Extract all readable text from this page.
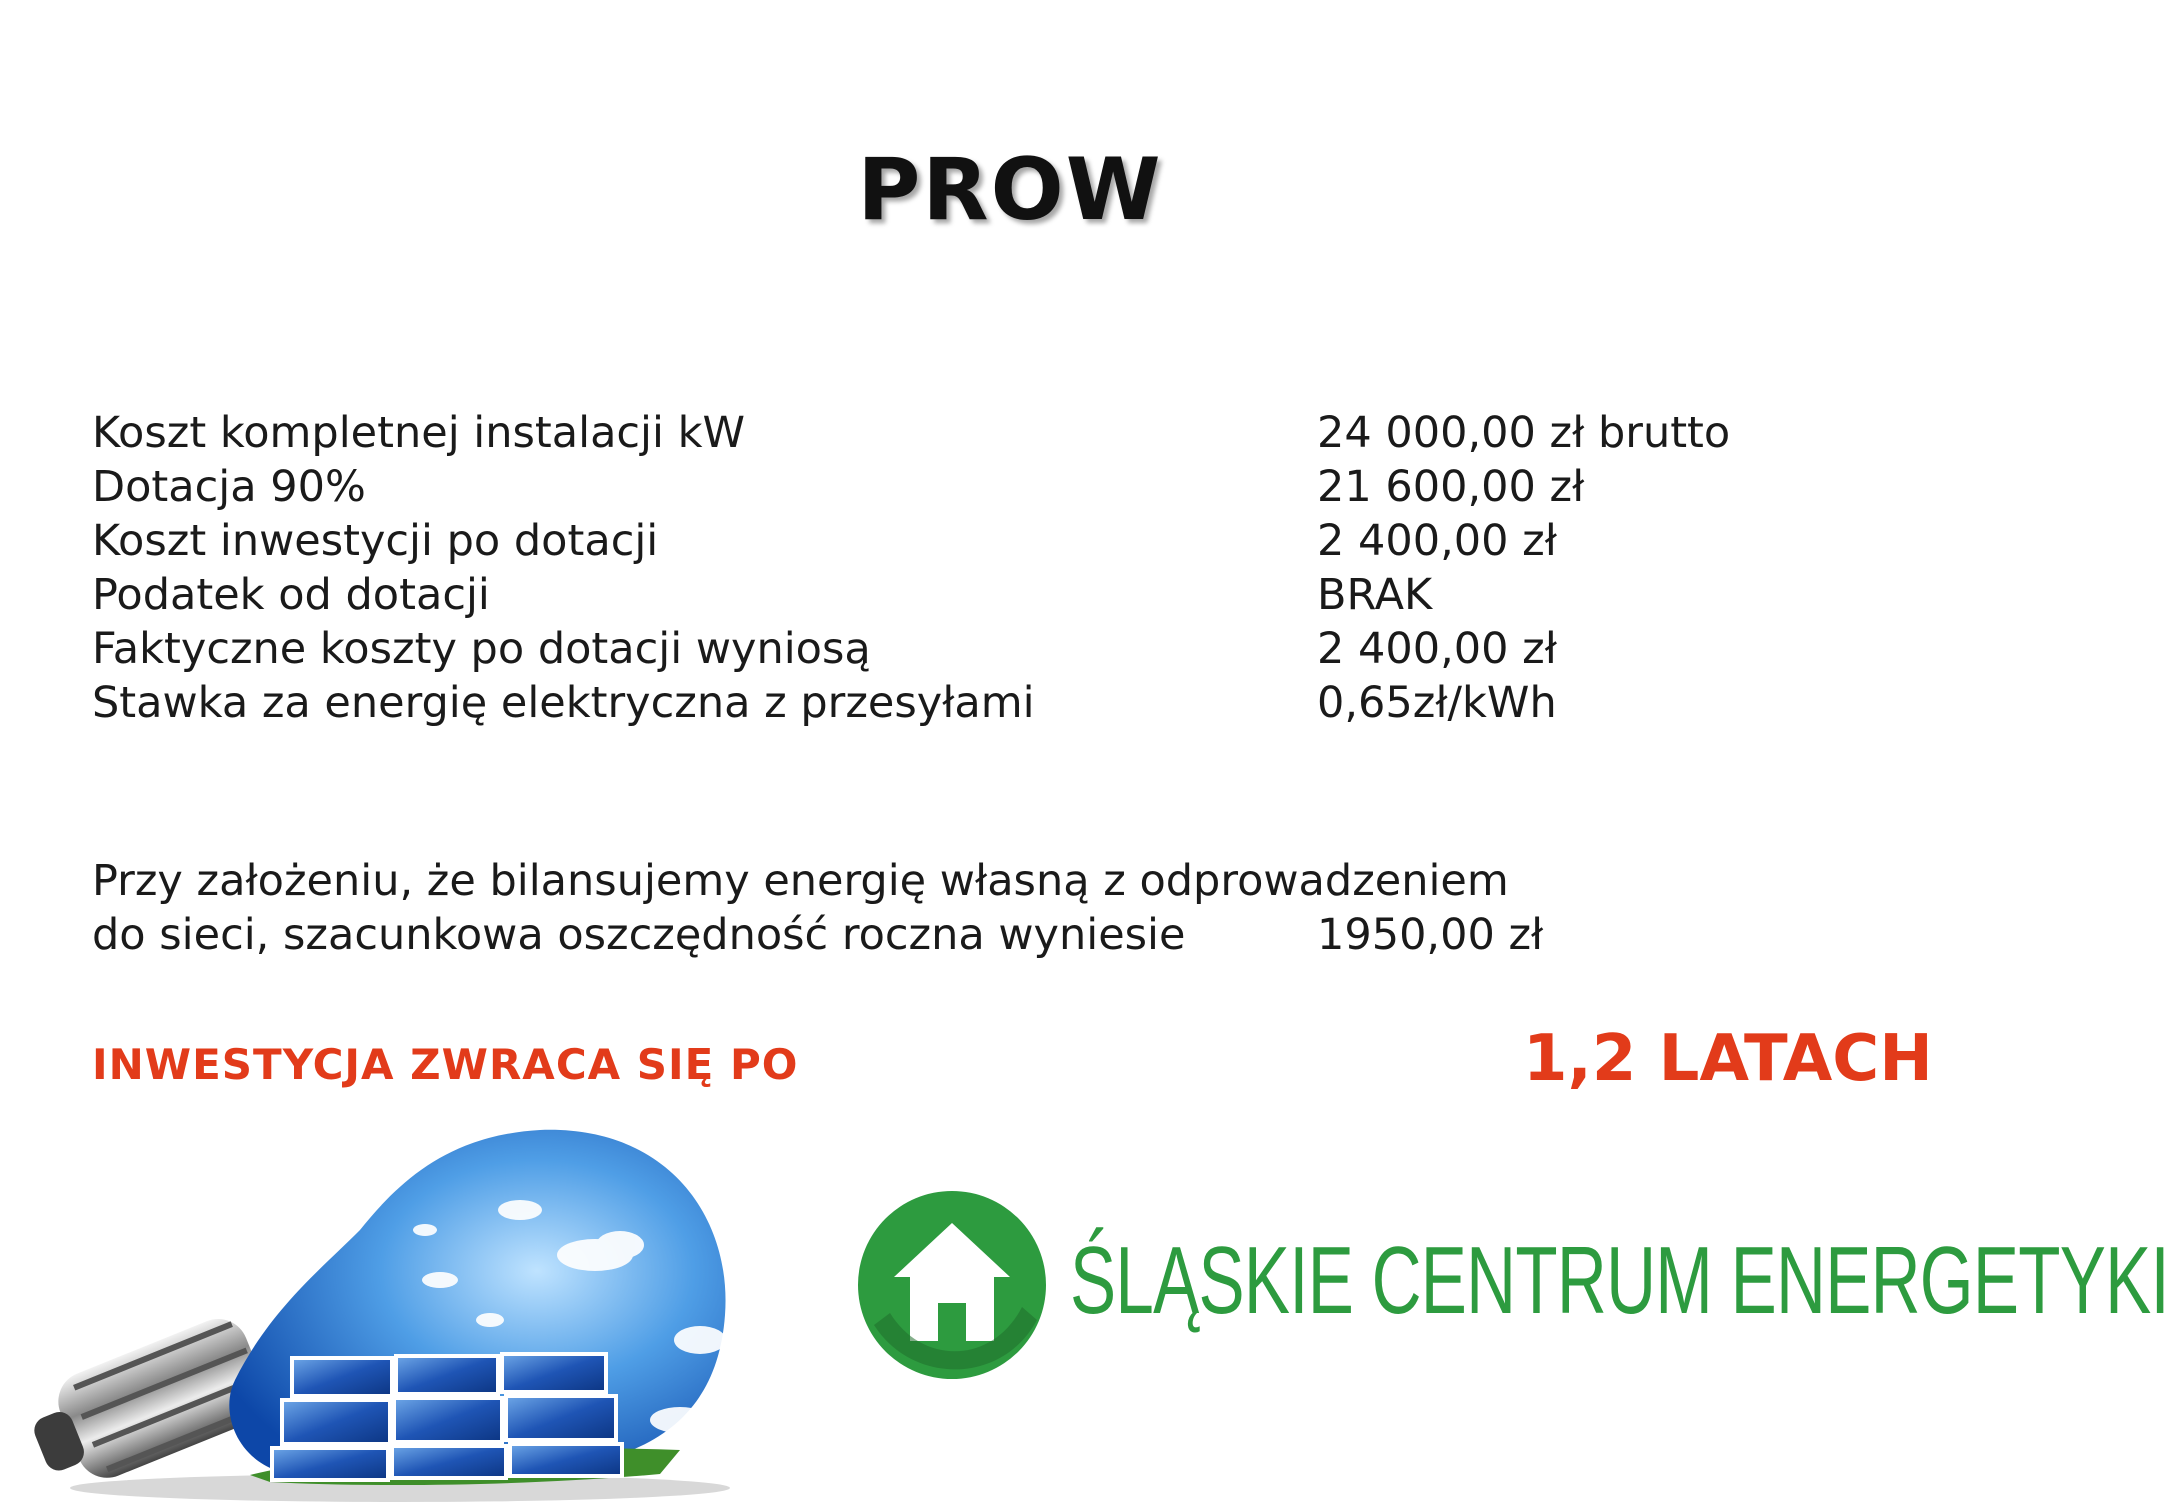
PROW
Koszt kompletnej instalacji kW	24 000,00 zł brutto
Dotacja 90%	21 600,00 zł
Koszt inwestycji po dotacji	2 400,00 zł
Podatek od dotacji	BRAK
Faktyczne koszty po dotacji wyniosą	2 400,00 zł
Stawka za energię elektryczna z przesyłami	0,65zł/kWh
Przy założeniu, że bilansujemy energię własną z odprowadzeniem
do sieci, szacunkowa oszczędność roczna wyniesie	1950,00 zł
INWESTYCJA ZWRACA SIĘ PO	1,2 LATACH
ŚLĄSKIE CENTRUM ENERGETYKI
